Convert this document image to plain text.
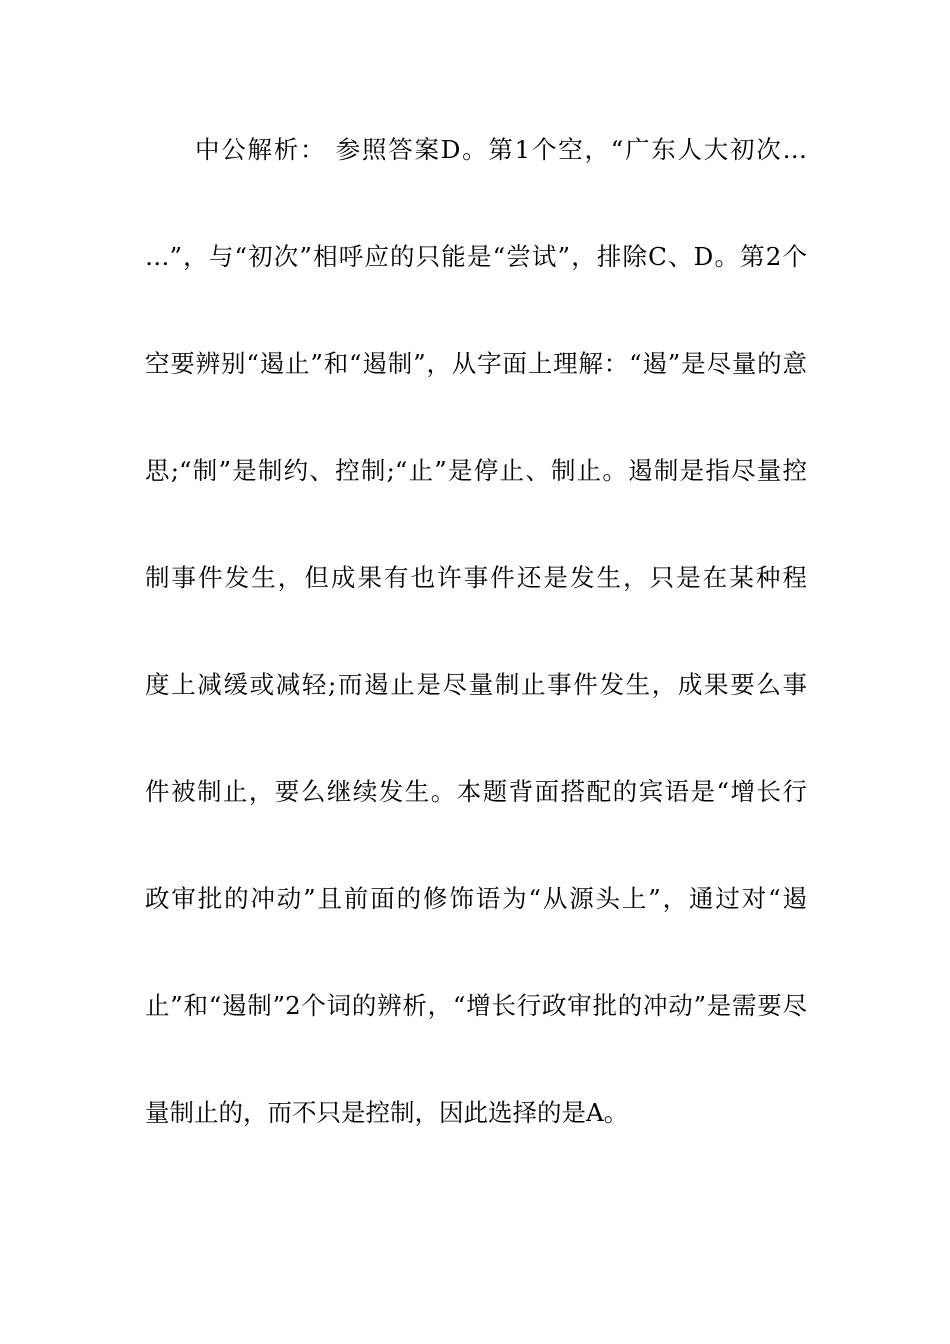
中公解析： 参照答案D。第1个空，“广东人大初次…
…”，与“初次”相呼应的只能是“尝试”，排除C、D。第2个
空要辨别“遏止”和“遏制”，从字面上理解：“遏”是尽量的意
思;“制”是制约、控制;“止”是停止、制止。遏制是指尽量控
制事件发生，但成果有也许事件还是发生，只是在某种程
度上减缓或减轻;而遏止是尽量制止事件发生，成果要么事
件被制止，要么继续发生。本题背面搭配的宾语是“增长行
政审批的冲动”且前面的修饰语为“从源头上”，通过对“遏
止”和“遏制”2个词的辨析，“增长行政审批的冲动”是需要尽
量制止的，而不只是控制，因此选择的是A。
